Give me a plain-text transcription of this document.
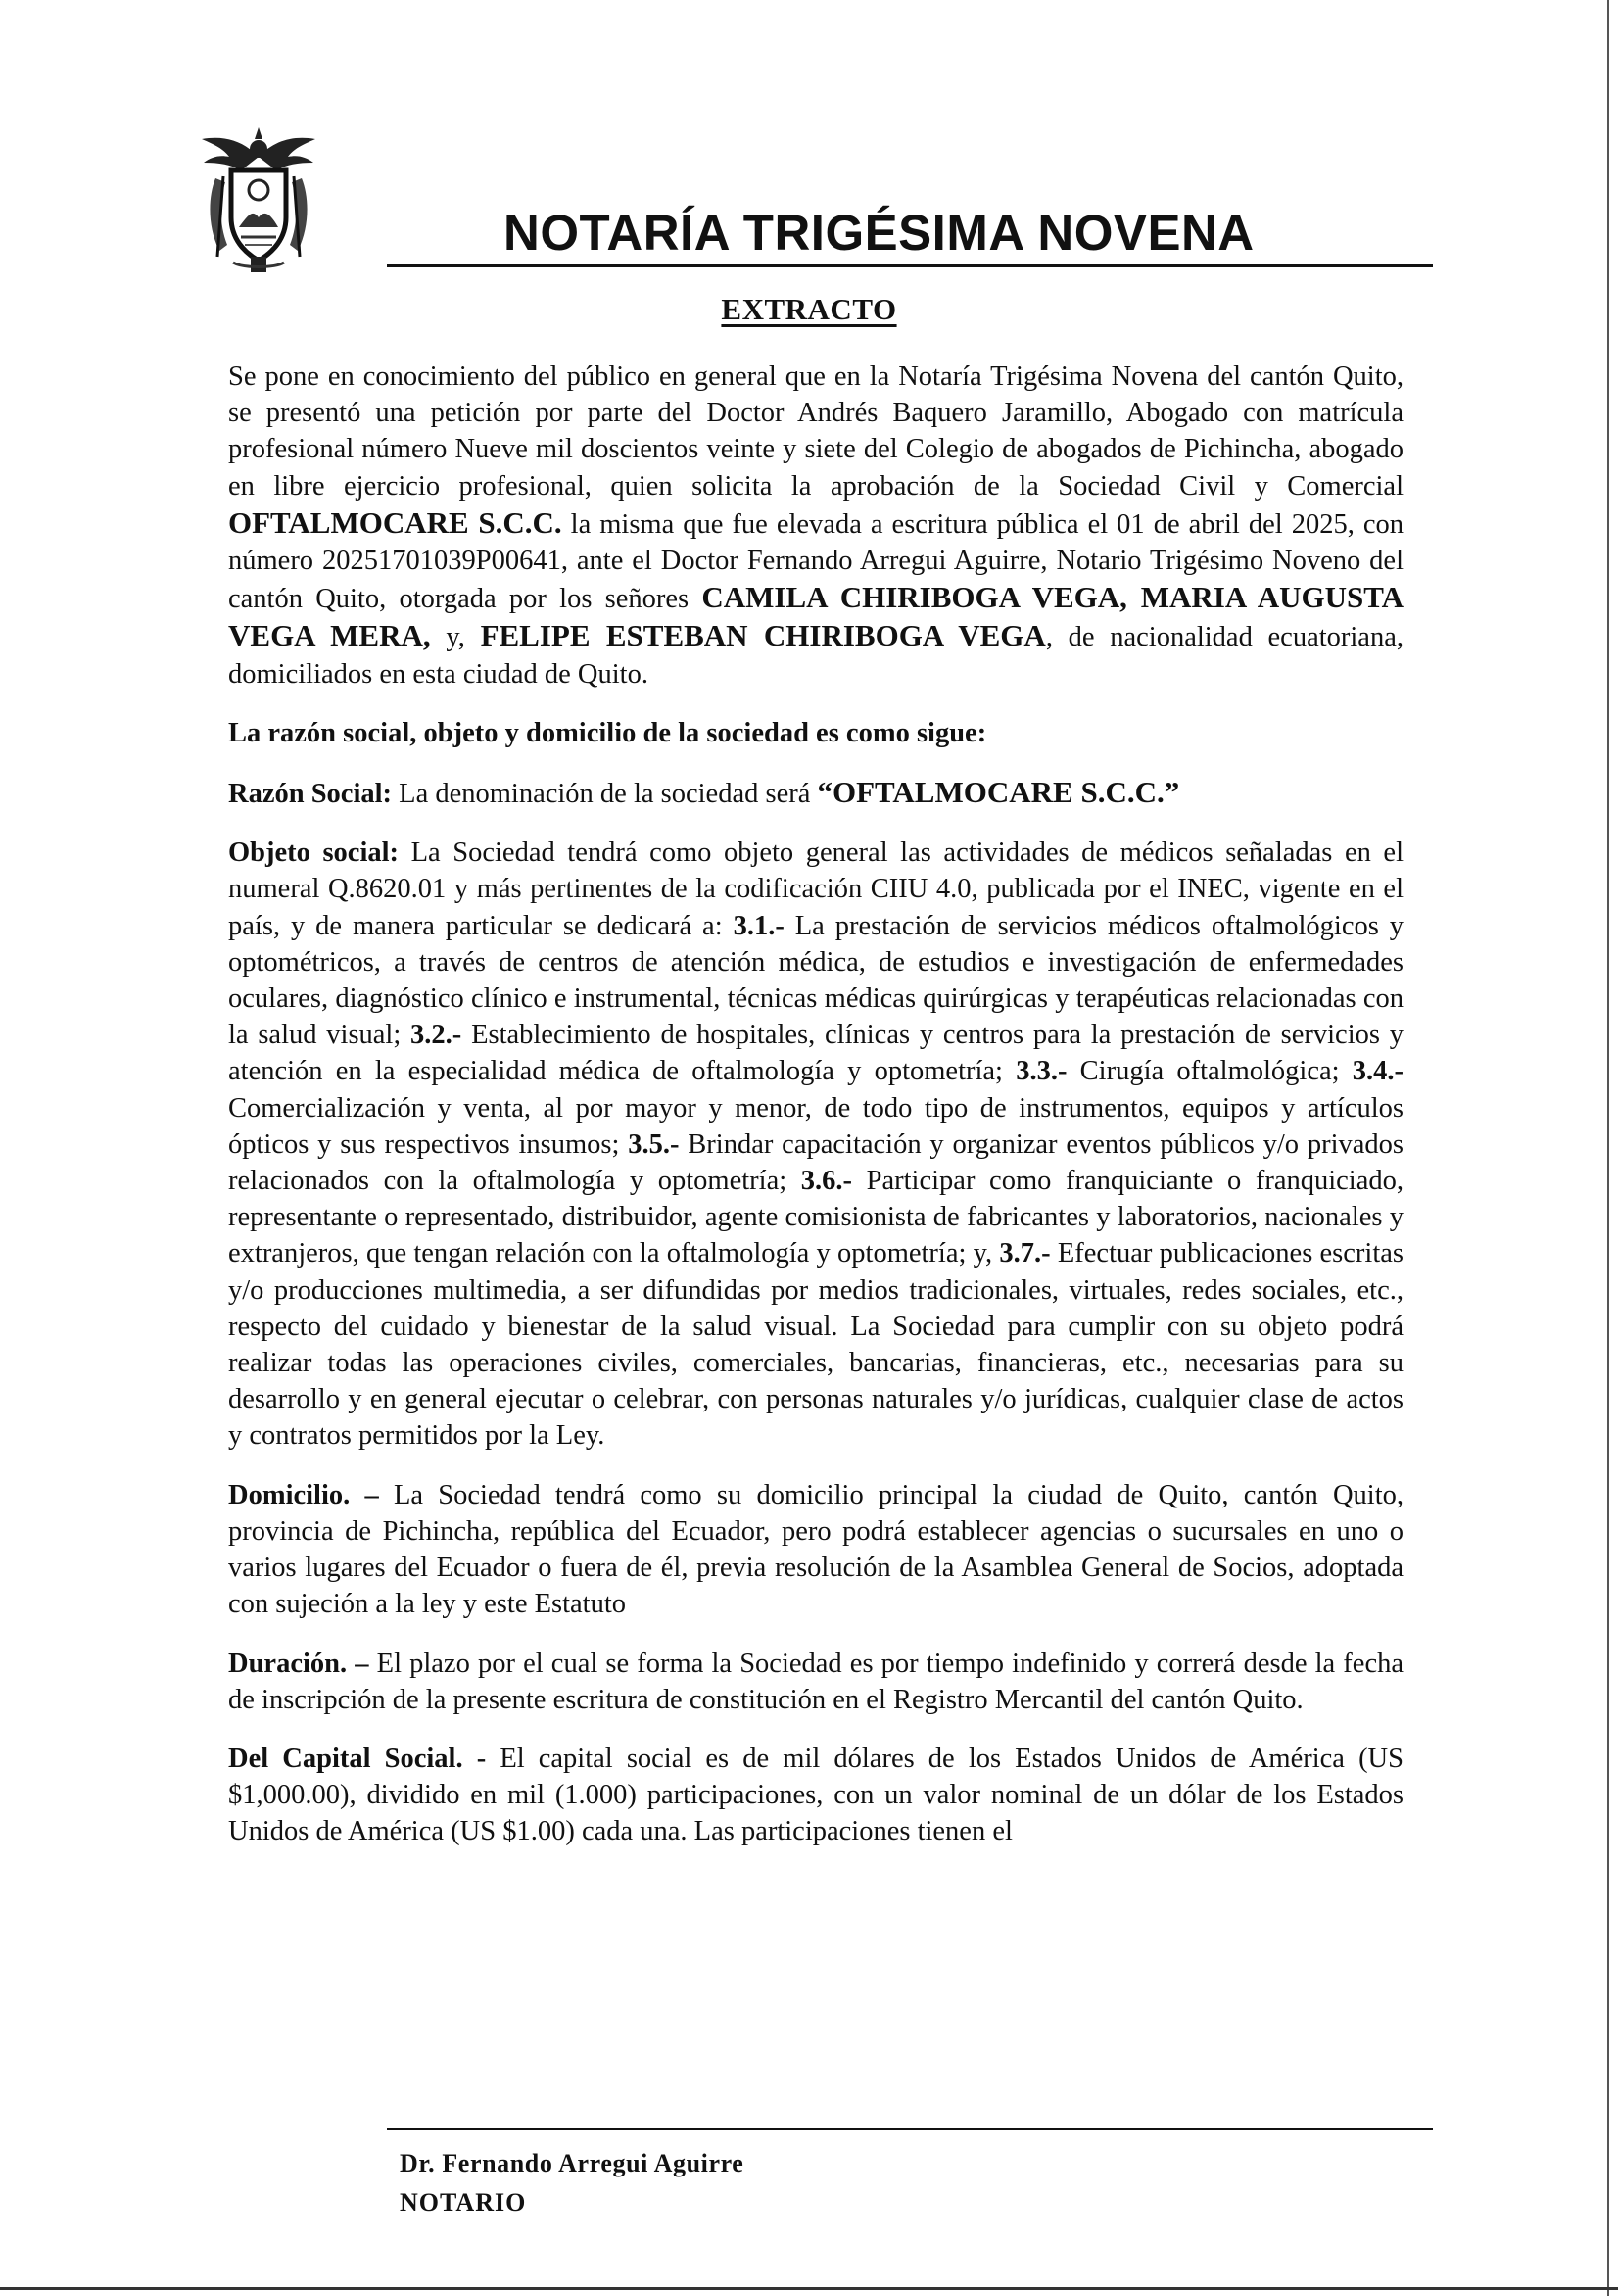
NOTARÍA TRIGÉSIMA NOVENA
EXTRACTO

Se pone en conocimiento del público en general que en la Notaría Trigésima Novena del cantón Quito, se presentó una petición por parte del Doctor Andrés Baquero Jaramillo, Abogado con matrícula profesional número Nueve mil doscientos veinte y siete del Colegio de abogados de Pichincha, abogado en libre ejercicio profesional, quien solicita la aprobación de la Sociedad Civil y Comercial OFTALMOCARE S.C.C. la misma que fue elevada a escritura pública el 01 de abril del 2025, con número 20251701039P00641, ante el Doctor Fernando Arregui Aguirre, Notario Trigésimo Noveno del cantón Quito, otorgada por los señores CAMILA CHIRIBOGA VEGA, MARIA AUGUSTA VEGA MERA, y, FELIPE ESTEBAN CHIRIBOGA VEGA, de nacionalidad ecuatoriana, domiciliados en esta ciudad de Quito.

La razón social, objeto y domicilio de la sociedad es como sigue:

Razón Social: La denominación de la sociedad será “OFTALMOCARE S.C.C.”

Objeto social: La Sociedad tendrá como objeto general las actividades de médicos señaladas en el numeral Q.8620.01 y más pertinentes de la codificación CIIU 4.0, publicada por el INEC, vigente en el país, y de manera particular se dedicará a: 3.1.- La prestación de servicios médicos oftalmológicos y optométricos, a través de centros de atención médica, de estudios e investigación de enfermedades oculares, diagnóstico clínico e instrumental, técnicas médicas quirúrgicas y terapéuticas relacionadas con la salud visual; 3.2.- Establecimiento de hospitales, clínicas y centros para la prestación de servicios y atención en la especialidad médica de oftalmología y optometría; 3.3.- Cirugía oftalmológica; 3.4.- Comercialización y venta, al por mayor y menor, de todo tipo de instrumentos, equipos y artículos ópticos y sus respectivos insumos; 3.5.- Brindar capacitación y organizar eventos públicos y/o privados relacionados con la oftalmología y optometría; 3.6.- Participar como franquiciante o franquiciado, representante o representado, distribuidor, agente comisionista de fabricantes y laboratorios, nacionales y extranjeros, que tengan relación con la oftalmología y optometría; y, 3.7.- Efectuar publicaciones escritas y/o producciones multimedia, a ser difundidas por medios tradicionales, virtuales, redes sociales, etc., respecto del cuidado y bienestar de la salud visual. La Sociedad para cumplir con su objeto podrá realizar todas las operaciones civiles, comerciales, bancarias, financieras, etc., necesarias para su desarrollo y en general ejecutar o celebrar, con personas naturales y/o jurídicas, cualquier clase de actos y contratos permitidos por la Ley.

Domicilio. – La Sociedad tendrá como su domicilio principal la ciudad de Quito, cantón Quito, provincia de Pichincha, república del Ecuador, pero podrá establecer agencias o sucursales en uno o varios lugares del Ecuador o fuera de él, previa resolución de la Asamblea General de Socios, adoptada con sujeción a la ley y este Estatuto

Duración. – El plazo por el cual se forma la Sociedad es por tiempo indefinido y correrá desde la fecha de inscripción de la presente escritura de constitución en el Registro Mercantil del cantón Quito.

Del Capital Social. - El capital social es de mil dólares de los Estados Unidos de América (US $1,000.00), dividido en mil (1.000) participaciones, con un valor nominal de un dólar de los Estados Unidos de América (US $1.00) cada una. Las participaciones tienen el

Dr. Fernando Arregui Aguirre
NOTARIO
